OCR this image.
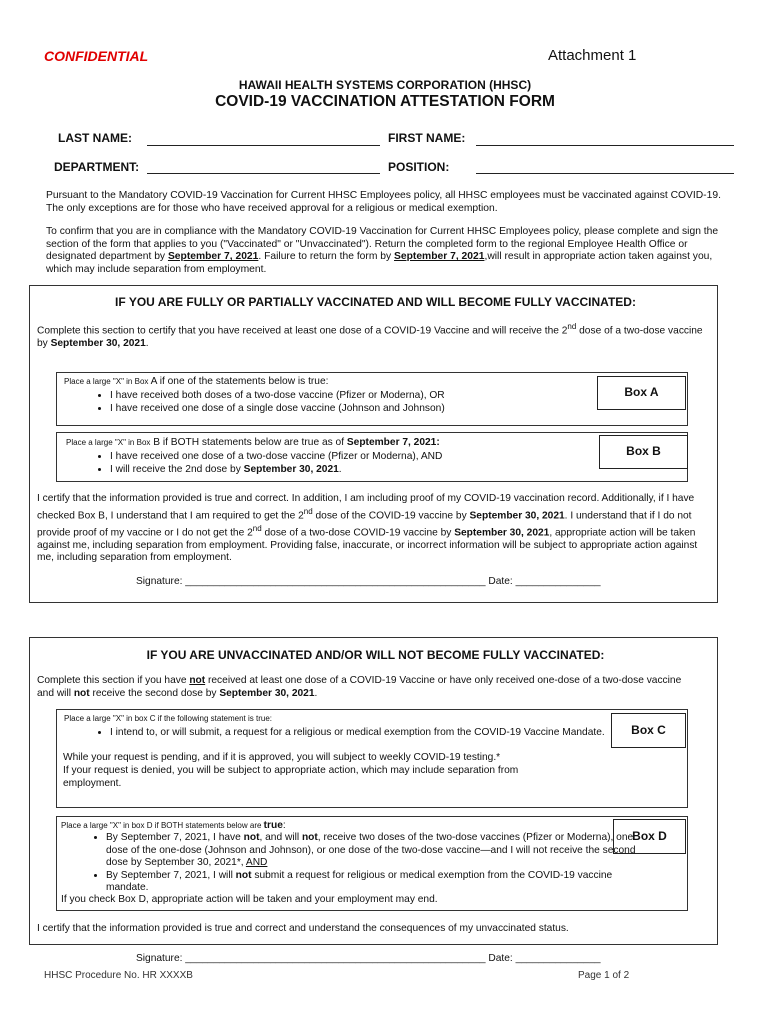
CONFIDENTIAL	Attachment 1
HAWAII HEALTH SYSTEMS CORPORATION (HHSC)
COVID-19 VACCINATION ATTESTATION FORM
LAST NAME:	FIRST NAME:
DEPARTMENT:	POSITION:
Pursuant to the Mandatory COVID-19 Vaccination for Current HHSC Employees policy, all HHSC employees must be vaccinated against COVID-19. The only exceptions are for those who have received approval for a religious or medical exemption.
To confirm that you are in compliance with the Mandatory COVID-19 Vaccination for Current HHSC Employees policy, please complete and sign the section of the form that applies to you ("Vaccinated" or "Unvaccinated"). Return the completed form to the regional Employee Health Office or designated department by September 7, 2021. Failure to return the form by September 7, 2021,will result in appropriate action taken against you, which may include separation from employment.
IF YOU ARE FULLY OR PARTIALLY VACCINATED AND WILL BECOME FULLY VACCINATED:
Complete this section to certify that you have received at least one dose of a COVID-19 Vaccine and will receive the 2nd dose of a two-dose vaccine by September 30, 2021.
Place a large "X" in Box A if one of the statements below is true:
• I have received both doses of a two-dose vaccine (Pfizer or Moderna), OR
• I have received one dose of a single dose vaccine (Johnson and Johnson)
Box A
Place a large "X" in Box B if BOTH statements below are true as of September 7, 2021:
• I have received one dose of a two-dose vaccine (Pfizer or Moderna), AND
• I will receive the 2nd dose by September 30, 2021.
Box B
I certify that the information provided is true and correct. In addition, I am including proof of my COVID-19 vaccination record. Additionally, if I have checked Box B, I understand that I am required to get the 2nd dose of the COVID-19 vaccine by September 30, 2021. I understand that if I do not provide proof of my vaccine or I do not get the 2nd dose of a two-dose COVID-19 vaccine by September 30, 2021, appropriate action will be taken against me, including separation from employment. Providing false, inaccurate, or incorrect information will be subject to appropriate action against me, including separation from employment.
Signature: _____________________________________________________ Date: _______________
IF YOU ARE UNVACCINATED AND/OR WILL NOT BECOME FULLY VACCINATED:
Complete this section if you have not received at least one dose of a COVID-19 Vaccine or have only received one-dose of a two-dose vaccine and will not receive the second dose by September 30, 2021.
Place a large "X" in box C if the following statement is true:
• I intend to, or will submit, a request for a religious or medical exemption from the COVID-19 Vaccine Mandate.
While your request is pending, and if it is approved, you will subject to weekly COVID-19 testing.*
If your request is denied, you will be subject to appropriate action, which may include separation from employment.
Box C
Place a large "X" in box D if BOTH statements below are true:
• By September 7, 2021, I have not, and will not, receive two doses of the two-dose vaccines (Pfizer or Moderna), one dose of the one-dose (Johnson and Johnson), or one dose of the two-dose vaccine—and I will not receive the second dose by September 30, 2021*, AND
• By September 7, 2021, I will not submit a request for religious or medical exemption from the COVID-19 vaccine mandate.
If you check Box D, appropriate action will be taken and your employment may end.
Box D
I certify that the information provided is true and correct and understand the consequences of my unvaccinated status.
Signature: _____________________________________________________ Date: _______________
HHSC Procedure No. HR XXXXB	Page 1 of 2
